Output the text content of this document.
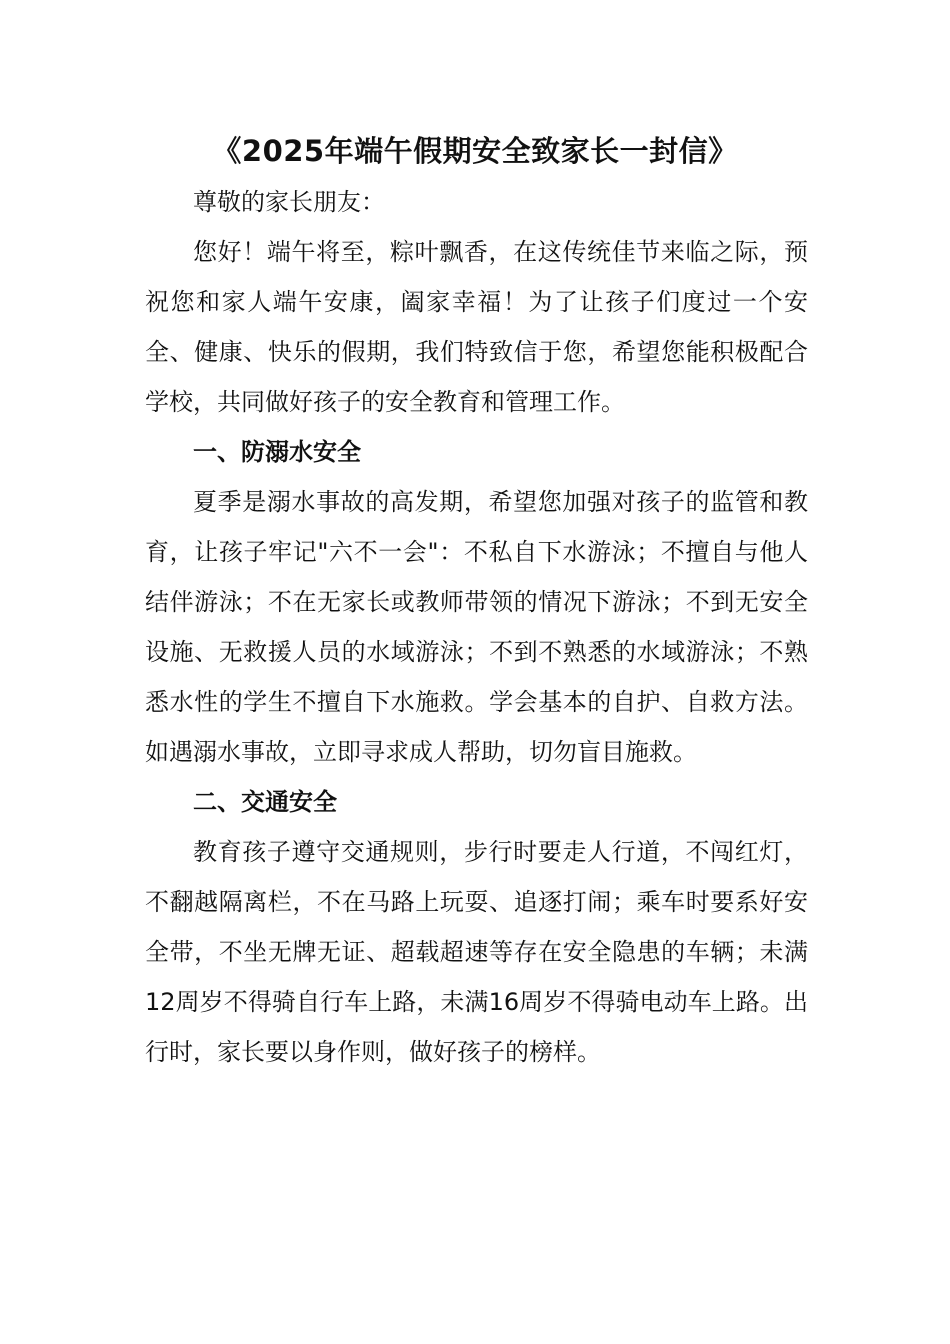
《2025年端午假期安全致家长一封信》

尊敬的家长朋友：

您好！端午将至，粽叶飘香，在这传统佳节来临之际，预祝您和家人端午安康，阖家幸福！为了让孩子们度过一个安全、健康、快乐的假期，我们特致信于您，希望您能积极配合学校，共同做好孩子的安全教育和管理工作。

一、防溺水安全

夏季是溺水事故的高发期，希望您加强对孩子的监管和教育，让孩子牢记"六不一会"：不私自下水游泳；不擅自与他人结伴游泳；不在无家长或教师带领的情况下游泳；不到无安全设施、无救援人员的水域游泳；不到不熟悉的水域游泳；不熟悉水性的学生不擅自下水施救。学会基本的自护、自救方法。如遇溺水事故，立即寻求成人帮助，切勿盲目施救。

二、交通安全

教育孩子遵守交通规则，步行时要走人行道，不闯红灯，不翻越隔离栏，不在马路上玩耍、追逐打闹；乘车时要系好安全带，不坐无牌无证、超载超速等存在安全隐患的车辆；未满12周岁不得骑自行车上路，未满16周岁不得骑电动车上路。出行时，家长要以身作则，做好孩子的榜样。
